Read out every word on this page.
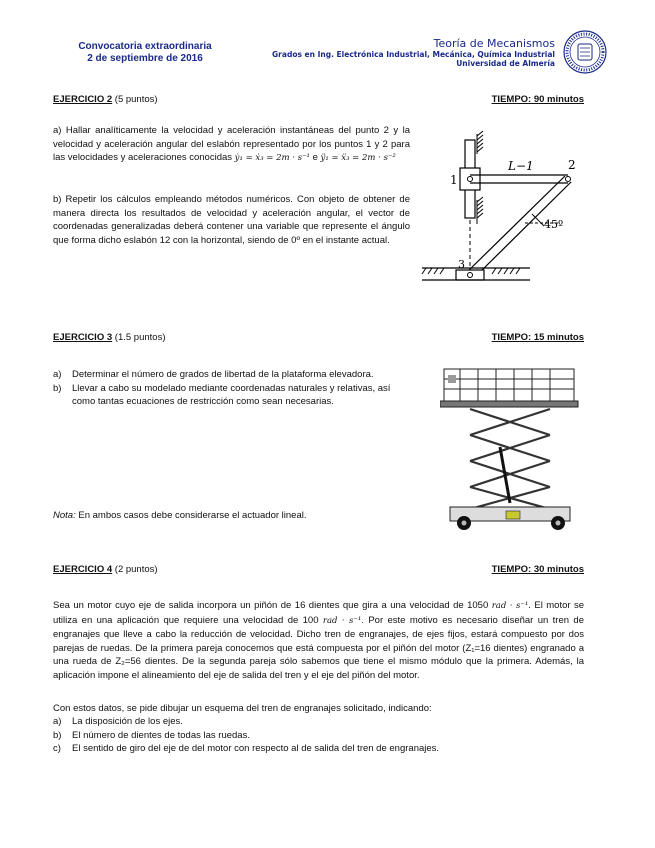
Convocatoria extraordinaria
2 de septiembre de 2016
Teoría de Mecanismos
Grados en Ing. Electrónica Industrial, Mecánica, Química Industrial
Universidad de Almería
EJERCICIO 2 (5 puntos)	TIEMPO: 90 minutos
a) Hallar analíticamente la velocidad y aceleración instantáneas del punto 2 y la velocidad y aceleración angular del eslabón representado por los puntos 1 y 2 para las velocidades y aceleraciones conocidas ẏ₁ = ẋ₃ = 2m · s⁻¹ e ÿ₁ = ẍ₃ = 2m · s⁻²
b) Repetir los cálculos empleando métodos numéricos. Con objeto de obtener de manera directa los resultados de velocidad y aceleración angular, el vector de coordenadas generalizadas deberá contener una variable que represente el ángulo que forma dicho eslabón 12 con la horizontal, siendo de 0º en el instante actual.
L−1
1
2
3
45º
EJERCICIO 3 (1.5 puntos)	TIEMPO: 15 minutos
a)	Determinar el número de grados de libertad de la plataforma elevadora.
b)	Llevar a cabo su modelado mediante coordenadas naturales y relativas, así como tantas ecuaciones de restricción como sean necesarias.
Nota: En ambos casos debe considerarse el actuador lineal.
EJERCICIO 4 (2 puntos)	TIEMPO: 30 minutos
Sea un motor cuyo eje de salida incorpora un piñón de 16 dientes que gira a una velocidad de 1050 rad · s⁻¹. El motor se utiliza en una aplicación que requiere una velocidad de 100 rad · s⁻¹. Por este motivo es necesario diseñar un tren de engranajes que lleve a cabo la reducción de velocidad. Dicho tren de engranajes, de ejes fijos, estará compuesto por dos parejas de ruedas. De la primera pareja conocemos que está compuesta por el piñón del motor (Z₁=16 dientes) engranado a una rueda de Z₂=56 dientes. De la segunda pareja sólo sabemos que tiene el mismo módulo que la primera. Además, la aplicación impone el alineamiento del eje de salida del tren y el eje del piñón del motor.
Con estos datos, se pide dibujar un esquema del tren de engranajes solicitado, indicando:
a)	La disposición de los ejes.
b)	El número de dientes de todas las ruedas.
c)	El sentido de giro del eje de del motor con respecto al de salida del tren de engranajes.
